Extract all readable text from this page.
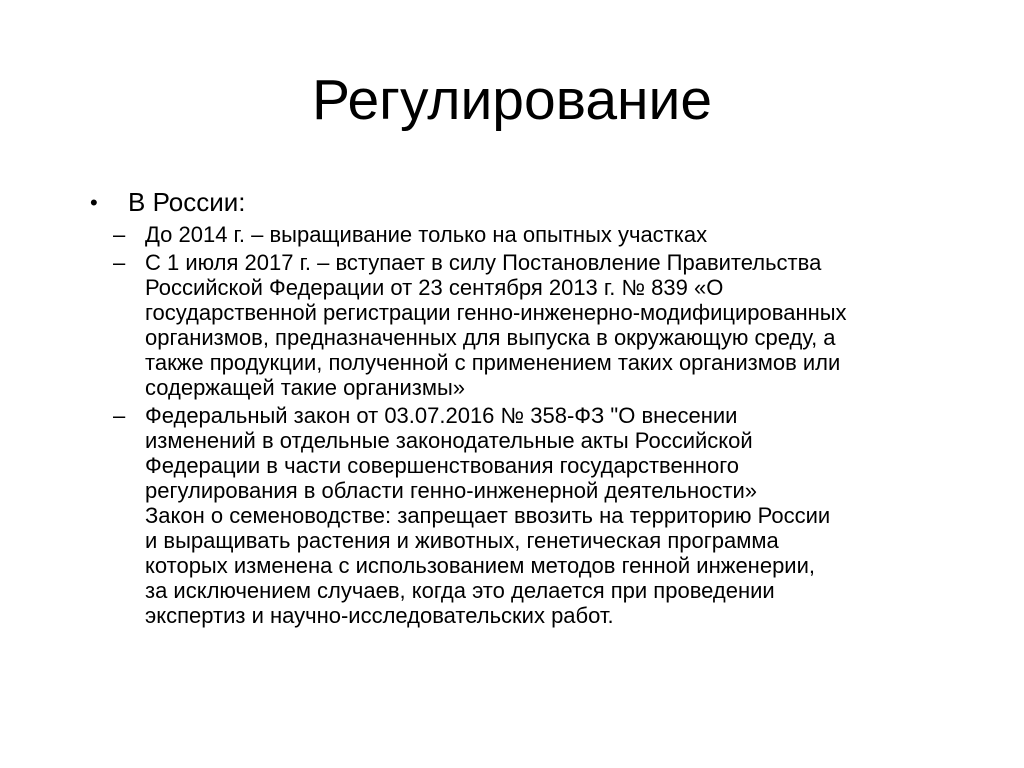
Регулирование
• В России:
– До 2014 г. – выращивание только на опытных участках
– С 1 июля 2017 г. – вступает в силу Постановление Правительства
Российской Федерации от 23 сентября 2013 г. № 839 «О
государственной регистрации генно-инженерно-модифицированных
организмов, предназначенных для выпуска в окружающую среду, а
также продукции, полученной с применением таких организмов или
содержащей такие организмы»
– Федеральный закон от 03.07.2016 № 358-ФЗ "О внесении
изменений в отдельные законодательные акты Российской
Федерации в части совершенствования государственного
регулирования в области генно-инженерной деятельности»
Закон о семеноводстве: запрещает ввозить на территорию России
и выращивать растения и животных, генетическая программа
которых изменена с использованием методов генной инженерии,
за исключением случаев, когда это делается при проведении
экспертиз и научно-исследовательских работ.
